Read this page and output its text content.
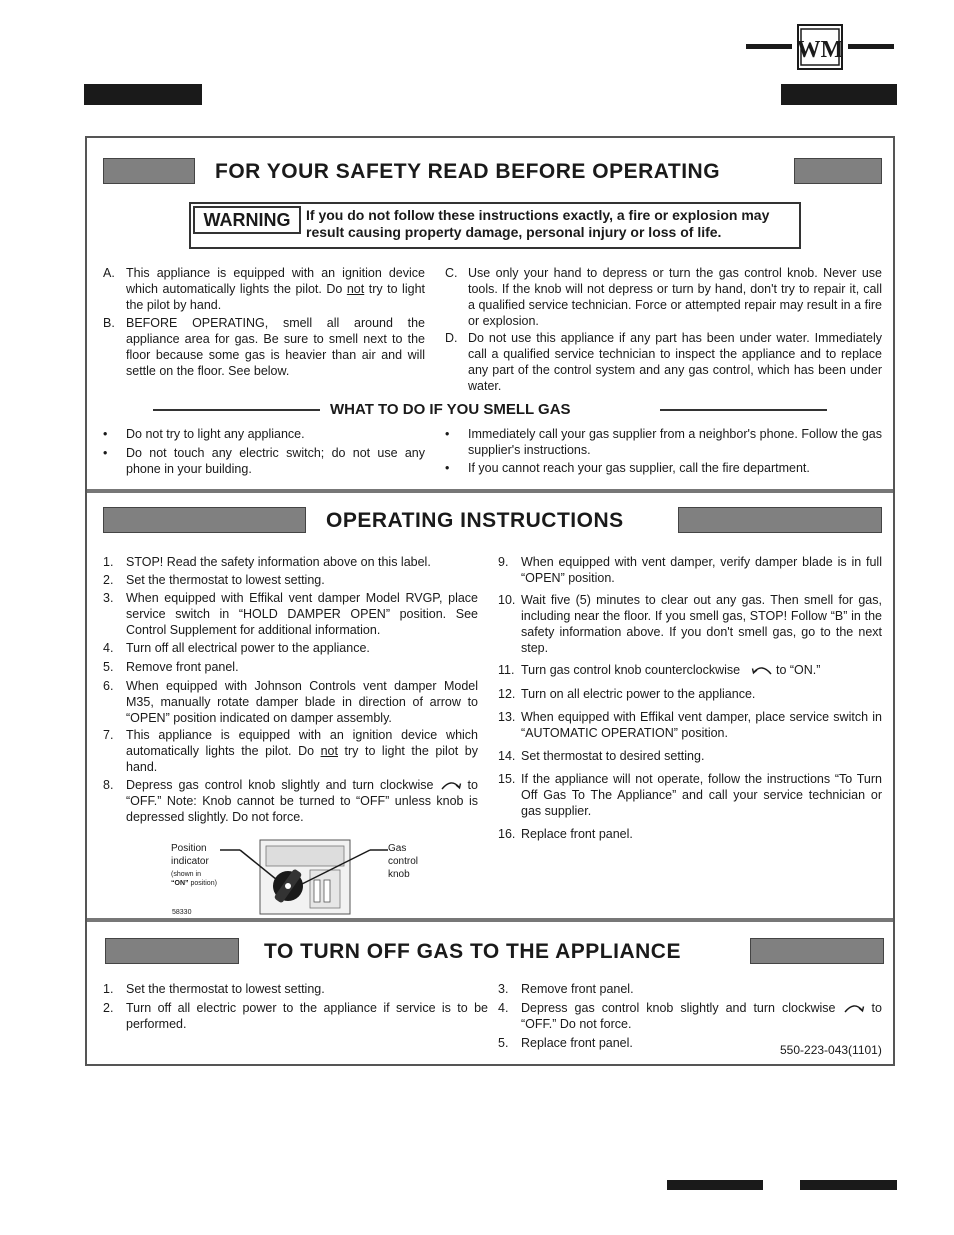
WM
FOR YOUR SAFETY READ BEFORE OPERATING
WARNING	If you do not follow these instructions exactly, a fire or explosion may result causing property damage, personal injury or loss of life.
A. This appliance is equipped with an ignition device which automatically lights the pilot. Do not try to light the pilot by hand.
B. BEFORE OPERATING, smell all around the appliance area for gas. Be sure to smell next to the floor because some gas is heavier than air and will settle on the floor. See below.
C. Use only your hand to depress or turn the gas control knob. Never use tools. If the knob will not depress or turn by hand, don't try to repair it, call a qualified service technician. Force or attempted repair may result in a fire or explosion.
D. Do not use this appliance if any part has been under water. Immediately call a qualified service technician to inspect the appliance and to replace any part of the control system and any gas control, which has been under water.
WHAT TO DO IF YOU SMELL GAS
•	Do not try to light any appliance.
•	Do not touch any electric switch; do not use any phone in your building.
•	Immediately call your gas supplier from a neighbor's phone. Follow the gas supplier's instructions.
•	If you cannot reach your gas supplier, call the fire department.
OPERATING INSTRUCTIONS
1.	STOP! Read the safety information above on this label.
2.	Set the thermostat to lowest setting.
3.	When equipped with Effikal vent damper Model RVGP, place service switch in “HOLD DAMPER OPEN” position. See Control Supplement for additional information.
4.	Turn off all electrical power to the appliance.
5.	Remove front panel.
6.	When equipped with Johnson Controls vent damper Model M35, manually rotate damper blade in direction of arrow to “OPEN” position indicated on damper assembly.
7.	This appliance is equipped with an ignition device which automatically lights the pilot. Do not try to light the pilot by hand.
8.	Depress gas control knob slightly and turn clockwise	to “OFF.” Note: Knob cannot be turned to “OFF” unless knob is depressed slightly. Do not force.
Position
indicator
(shown in
“ON” position)
Gas
control
knob
58330
9.	When equipped with vent damper, verify damper blade is in full “OPEN” position.
10. Wait five (5) minutes to clear out any gas. Then smell for gas, including near the floor. If you smell gas, STOP! Follow “B” in the safety information above. If you don't smell gas, go to the next step.
11. Turn gas control knob counterclockwise	to “ON.”
12. Turn on all electric power to the appliance.
13. When equipped with Effikal vent damper, place service switch in “AUTOMATIC OPERATION” position.
14. Set thermostat to desired setting.
15. If the appliance will not operate, follow the instructions “To Turn Off Gas To The Appliance” and call your service technician or gas supplier.
16. Replace front panel.
TO TURN OFF GAS TO THE APPLIANCE
1.	Set the thermostat to lowest setting.
2.	Turn off all electric power to the appliance if service is to be performed.
3.	Remove front panel.
4.	Depress gas control knob slightly and turn clockwise	to “OFF.” Do not force.
5.	Replace front panel.	550-223-043(1101)
